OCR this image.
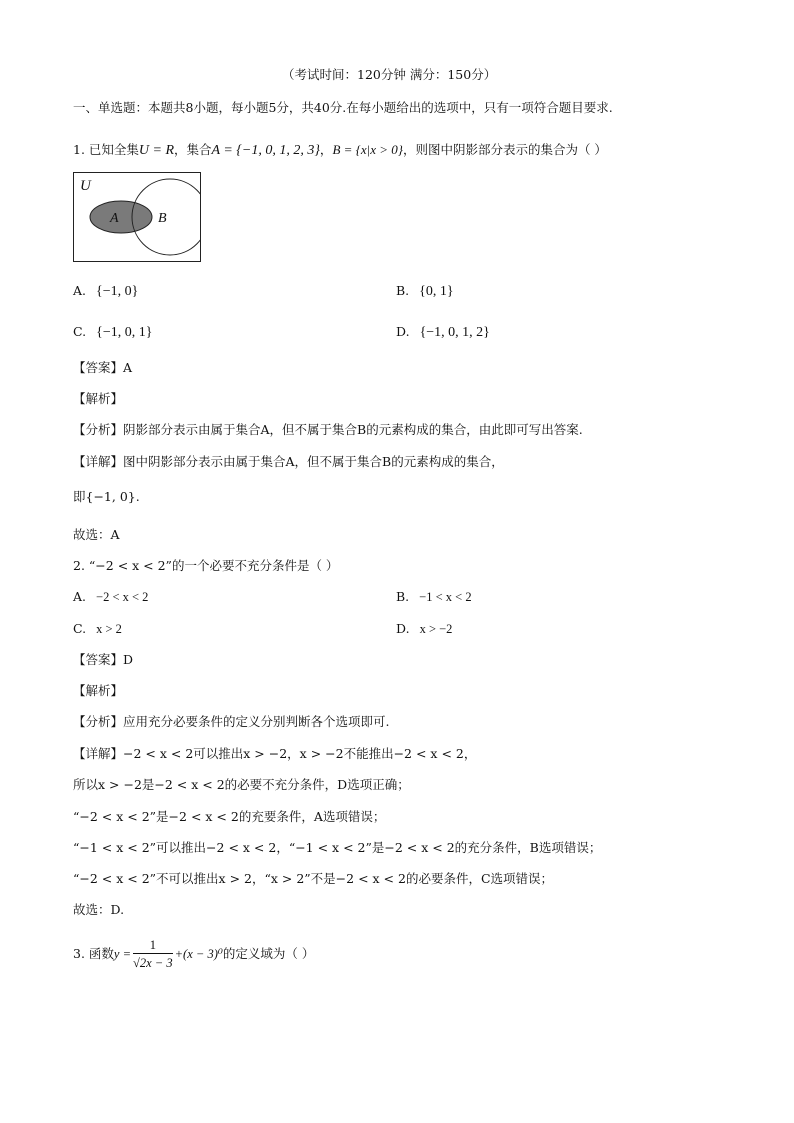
（考试时间：120分钟 满分：150分）
一、单选题：本题共8小题，每小题5分，共40分.在每小题给出的选项中，只有一项符合题目要求.
1. 已知全集U = R，集合A = {−1, 0, 1, 2, 3}，B = {x|x > 0}，则图中阴影部分表示的集合为（ ）
U
A	B
A. {−1, 0}	B. {0, 1}
C. {−1, 0, 1}	D. {−1, 0, 1, 2}
【答案】A
【解析】
【分析】阴影部分表示由属于集合A，但不属于集合B的元素构成的集合，由此即可写出答案.
【详解】图中阴影部分表示由属于集合A，但不属于集合B的元素构成的集合，
即{−1, 0}.
故选：A
2. “−2 < x < 2”的一个必要不充分条件是（ ）
A. −2 < x < 2	B. −1 < x < 2
C. x > 2	D. x > −2
【答案】D
【解析】
【分析】应用充分必要条件的定义分别判断各个选项即可.
【详解】−2 < x < 2可以推出x > −2，x > −2不能推出−2 < x < 2，
所以x > −2是−2 < x < 2的必要不充分条件，D选项正确；
“−2 < x < 2”是−2 < x < 2的充要条件，A选项错误；
“−1 < x < 2”可以推出−2 < x < 2，“−1 < x < 2”是−2 < x < 2的充分条件，B选项错误；
“−2 < x < 2”不可以推出x > 2，“x > 2”不是−2 < x < 2的必要条件，C选项错误；
故选：D.
3. 函数$y = \frac{1}{√2x - 3} +(x - 3)^0$的定义域为（ ）
